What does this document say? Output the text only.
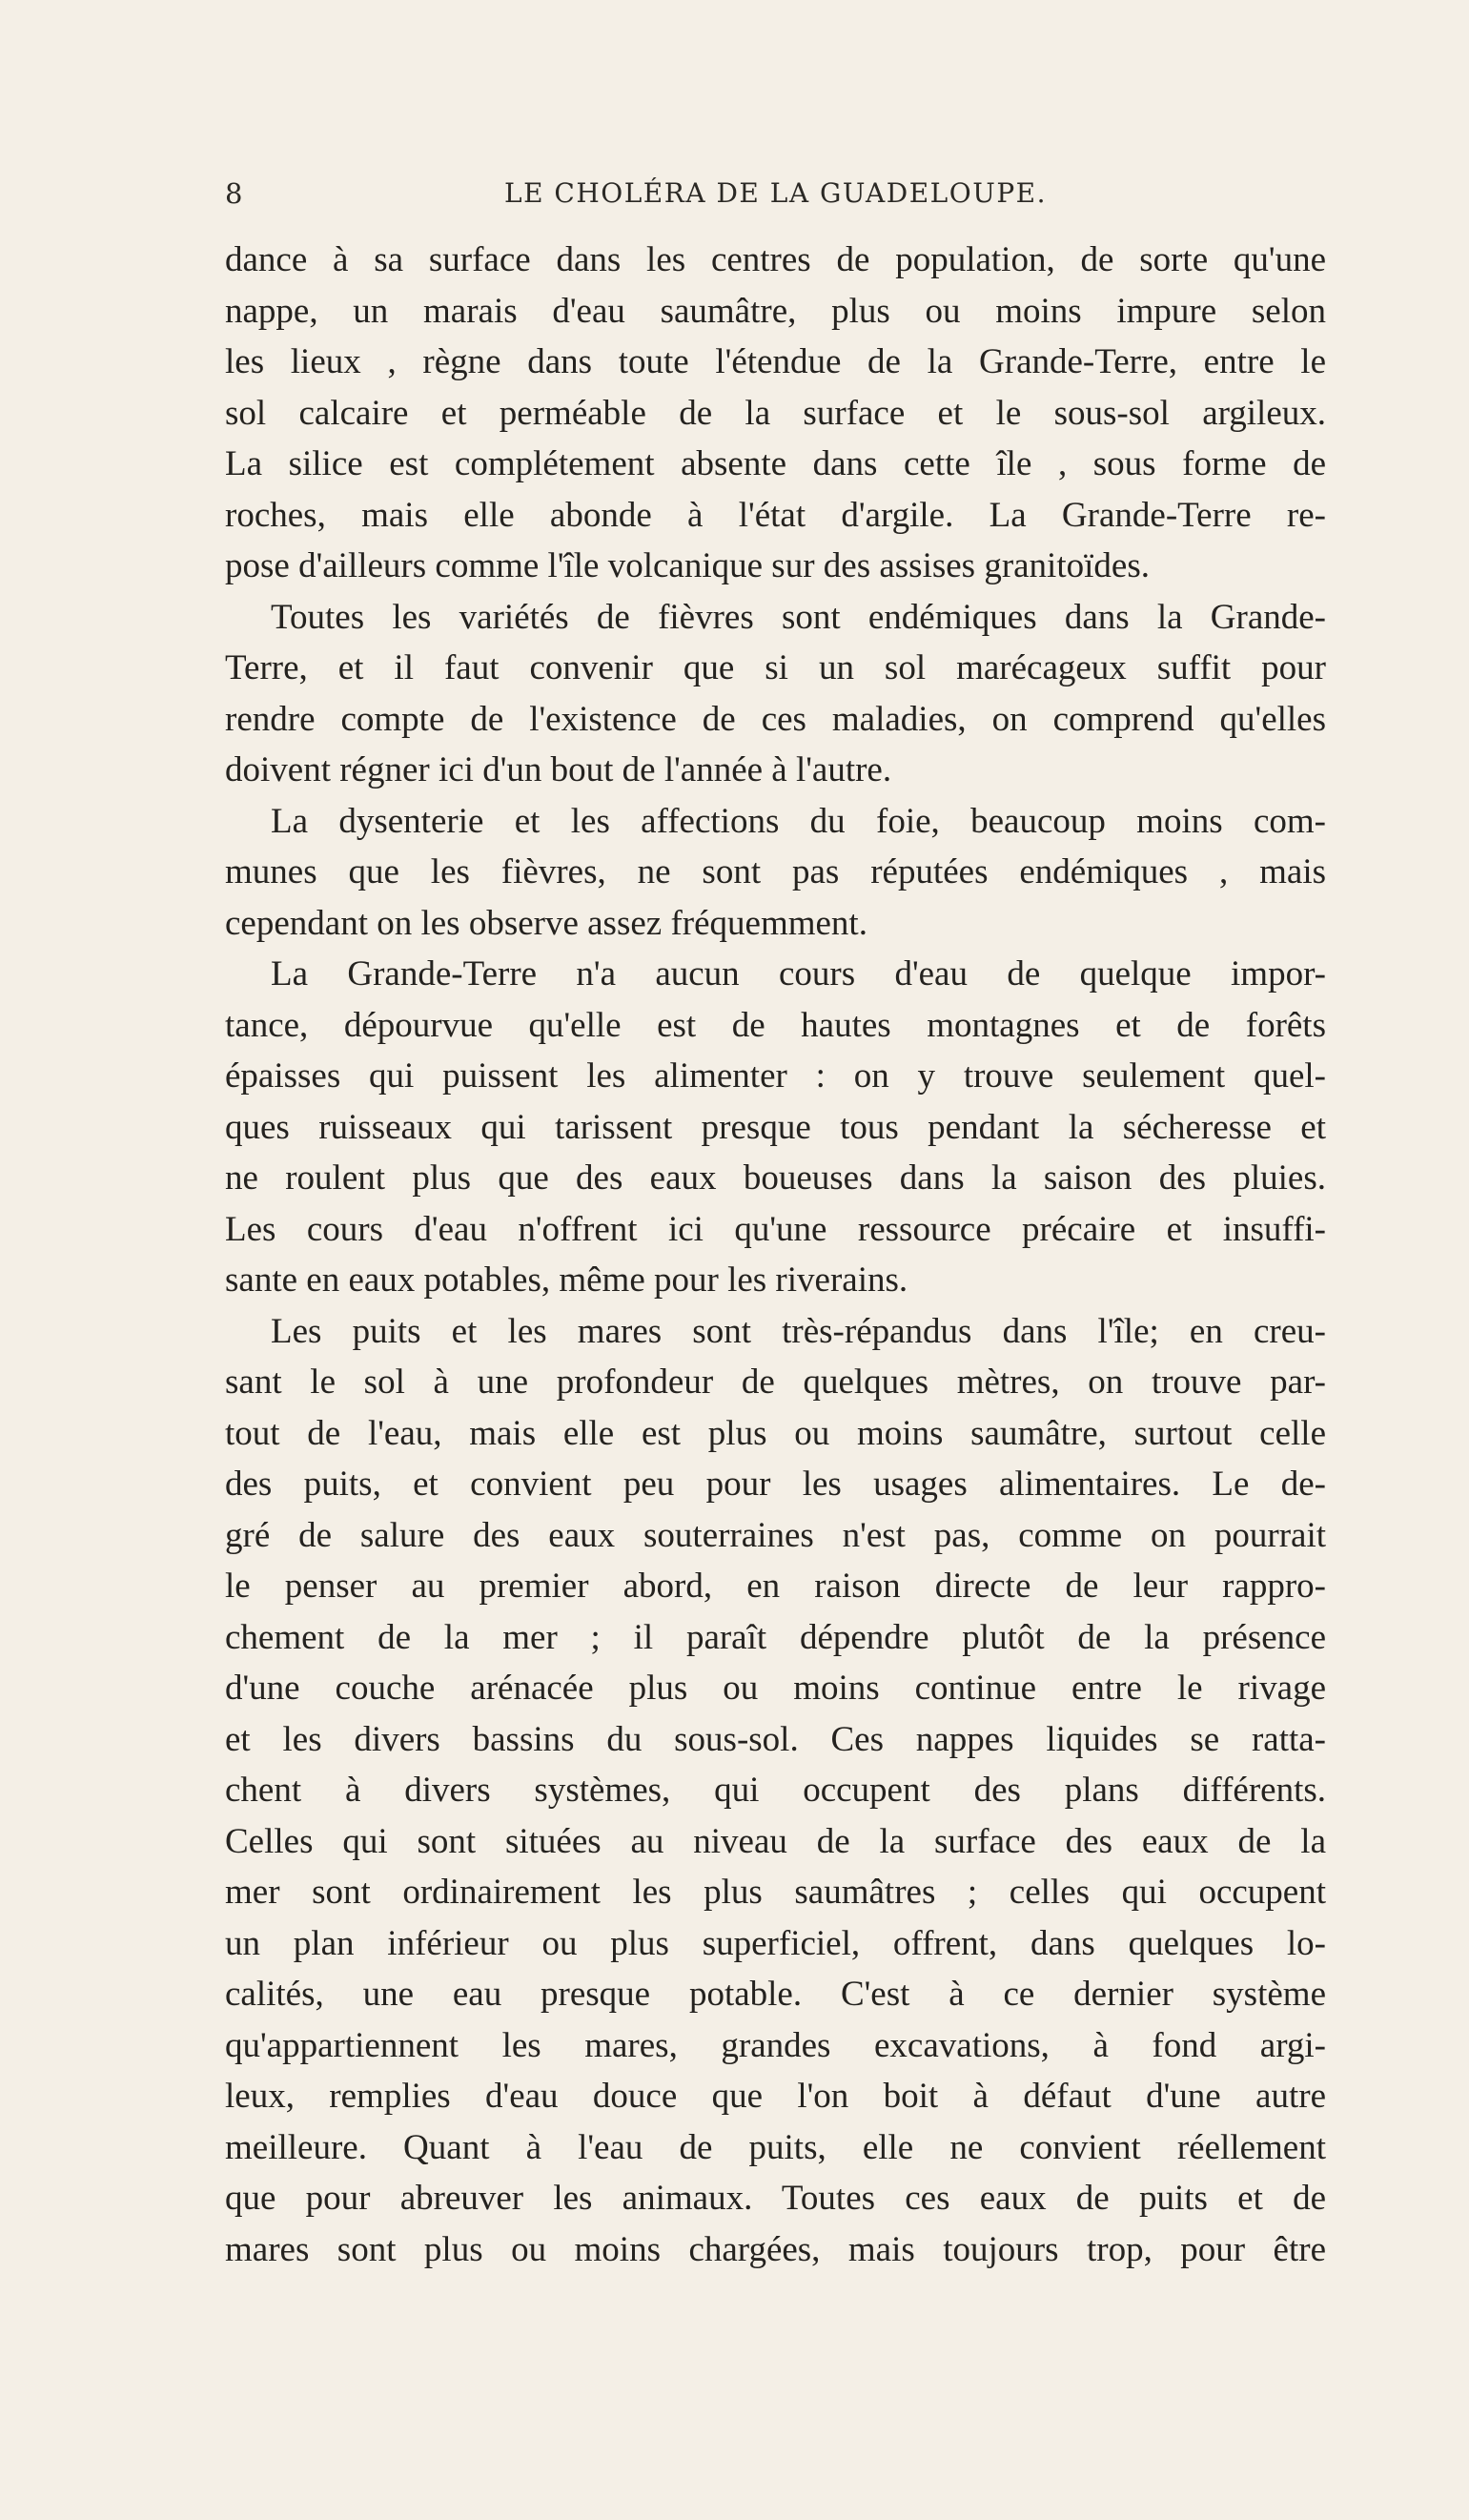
8	LE CHOLÉRA DE LA GUADELOUPE.
dance à sa surface dans les centres de population, de sorte qu'une
nappe, un marais d'eau saumâtre, plus ou moins impure selon
les lieux , règne dans toute l'étendue de la Grande-Terre, entre le
sol calcaire et perméable de la surface et le sous-sol argileux.
La silice est complétement absente dans cette île , sous forme de
roches, mais elle abonde à l'état d'argile. La Grande-Terre re-
pose d'ailleurs comme l'île volcanique sur des assises granitoïdes.
Toutes les variétés de fièvres sont endémiques dans la Grande-
Terre, et il faut convenir que si un sol marécageux suffit pour
rendre compte de l'existence de ces maladies, on comprend qu'elles
doivent régner ici d'un bout de l'année à l'autre.
La dysenterie et les affections du foie, beaucoup moins com-
munes que les fièvres, ne sont pas réputées endémiques , mais
cependant on les observe assez fréquemment.
La Grande-Terre n'a aucun cours d'eau de quelque impor-
tance, dépourvue qu'elle est de hautes montagnes et de forêts
épaisses qui puissent les alimenter : on y trouve seulement quel-
ques ruisseaux qui tarissent presque tous pendant la sécheresse et
ne roulent plus que des eaux boueuses dans la saison des pluies.
Les cours d'eau n'offrent ici qu'une ressource précaire et insuffi-
sante en eaux potables, même pour les riverains.
Les puits et les mares sont très-répandus dans l'île; en creu-
sant le sol à une profondeur de quelques mètres, on trouve par-
tout de l'eau, mais elle est plus ou moins saumâtre, surtout celle
des puits, et convient peu pour les usages alimentaires. Le de-
gré de salure des eaux souterraines n'est pas, comme on pourrait
le penser au premier abord, en raison directe de leur rappro-
chement de la mer ; il paraît dépendre plutôt de la présence
d'une couche arénacée plus ou moins continue entre le rivage
et les divers bassins du sous-sol. Ces nappes liquides se ratta-
chent à divers systèmes, qui occupent des plans différents.
Celles qui sont situées au niveau de la surface des eaux de la
mer sont ordinairement les plus saumâtres ; celles qui occupent
un plan inférieur ou plus superficiel, offrent, dans quelques lo-
calités, une eau presque potable. C'est à ce dernier système
qu'appartiennent les mares, grandes excavations, à fond argi-
leux, remplies d'eau douce que l'on boit à défaut d'une autre
meilleure. Quant à l'eau de puits, elle ne convient réellement
que pour abreuver les animaux. Toutes ces eaux de puits et de
mares sont plus ou moins chargées, mais toujours trop, pour être
